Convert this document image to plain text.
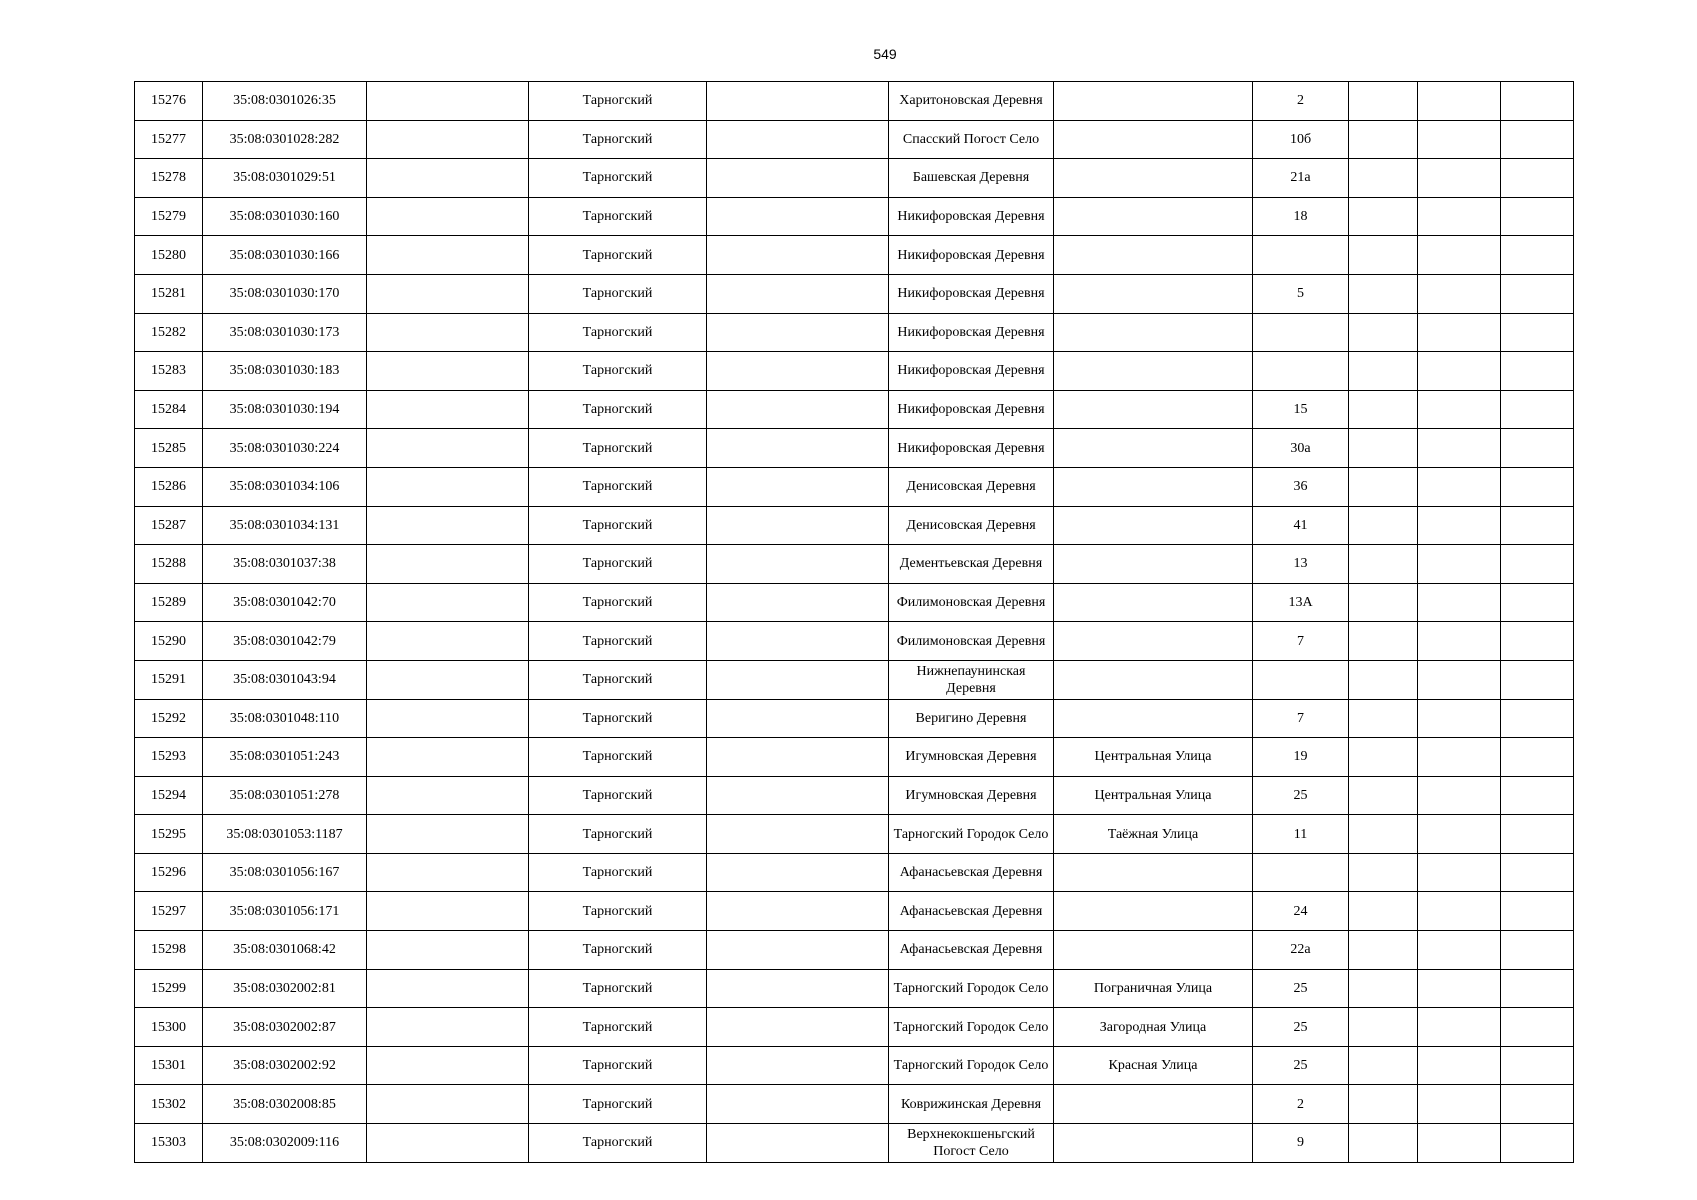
549
15276	35:08:0301026:35		Тарногский		Харитоновская Деревня		2			
15277	35:08:0301028:282		Тарногский		Спасский Погост Село		10б			
15278	35:08:0301029:51		Тарногский		Башевская Деревня		21а			
15279	35:08:0301030:160		Тарногский		Никифоровская Деревня		18			
15280	35:08:0301030:166		Тарногский		Никифоровская Деревня					
15281	35:08:0301030:170		Тарногский		Никифоровская Деревня		5			
15282	35:08:0301030:173		Тарногский		Никифоровская Деревня					
15283	35:08:0301030:183		Тарногский		Никифоровская Деревня					
15284	35:08:0301030:194		Тарногский		Никифоровская Деревня		15			
15285	35:08:0301030:224		Тарногский		Никифоровская Деревня		30а			
15286	35:08:0301034:106		Тарногский		Денисовская Деревня		36			
15287	35:08:0301034:131		Тарногский		Денисовская Деревня		41			
15288	35:08:0301037:38		Тарногский		Дементьевская Деревня		13			
15289	35:08:0301042:70		Тарногский		Филимоновская Деревня		13А			
15290	35:08:0301042:79		Тарногский		Филимоновская Деревня		7			
15291	35:08:0301043:94		Тарногский		Нижнепаунинская Деревня					
15292	35:08:0301048:110		Тарногский		Веригино Деревня		7			
15293	35:08:0301051:243		Тарногский		Игумновская Деревня	Центральная Улица	19			
15294	35:08:0301051:278		Тарногский		Игумновская Деревня	Центральная Улица	25			
15295	35:08:0301053:1187		Тарногский		Тарногский Городок Село	Таёжная Улица	11			
15296	35:08:0301056:167		Тарногский		Афанасьевская Деревня					
15297	35:08:0301056:171		Тарногский		Афанасьевская Деревня		24			
15298	35:08:0301068:42		Тарногский		Афанасьевская Деревня		22а			
15299	35:08:0302002:81		Тарногский		Тарногский Городок Село	Пограничная Улица	25			
15300	35:08:0302002:87		Тарногский		Тарногский Городок Село	Загородная Улица	25			
15301	35:08:0302002:92		Тарногский		Тарногский Городок Село	Красная Улица	25			
15302	35:08:0302008:85		Тарногский		Коврижинская Деревня		2			
15303	35:08:0302009:116		Тарногский		Верхнекокшеньгский Погост Село		9			
